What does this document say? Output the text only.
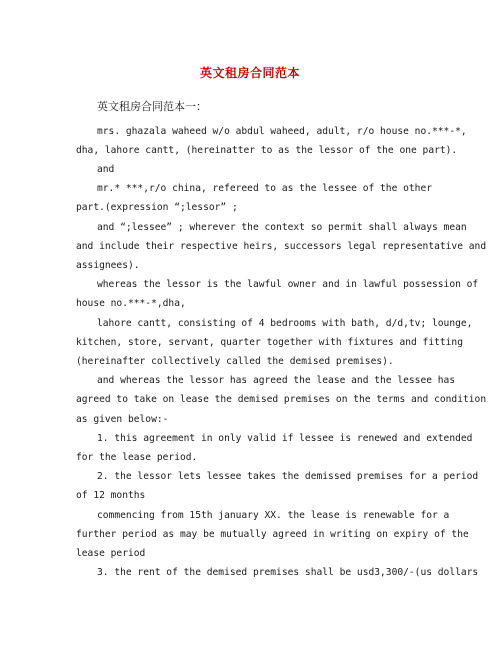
英文租房合同范本
英文租房合同范本一：
mrs. ghazala waheed w/o abdul waheed, adult, r/o house no.***-*,
dha, lahore cantt, (hereinatter to as the lessor of the one part).
and
mr.* ***,r/o china, refereed to as the lessee of the other
part.(expression “;lessor” ;
and “;lessee” ; wherever the context so permit shall always mean
and include their respective heirs, successors legal representative and
assignees).
whereas the lessor is the lawful owner and in lawful possession of
house no.***-*,dha,
lahore cantt, consisting of 4 bedrooms with bath, d/d,tv; lounge,
kitchen, store, servant, quarter together with fixtures and fitting
(hereinafter collectively called the demised premises).
and whereas the lessor has agreed the lease and the lessee has
agreed to take on lease the demised premises on the terms and condition
as given below:-
1. this agreement in only valid if lessee is renewed and extended
for the lease period.
2. the lessor lets lessee takes the demissed premises for a period
of 12 months
commencing from 15th january XX. the lease is renewable for a
further period as may be mutually agreed in writing on expiry of the
lease period
3. the rent of the demised premises shall be usd3,300/-(us dollars
